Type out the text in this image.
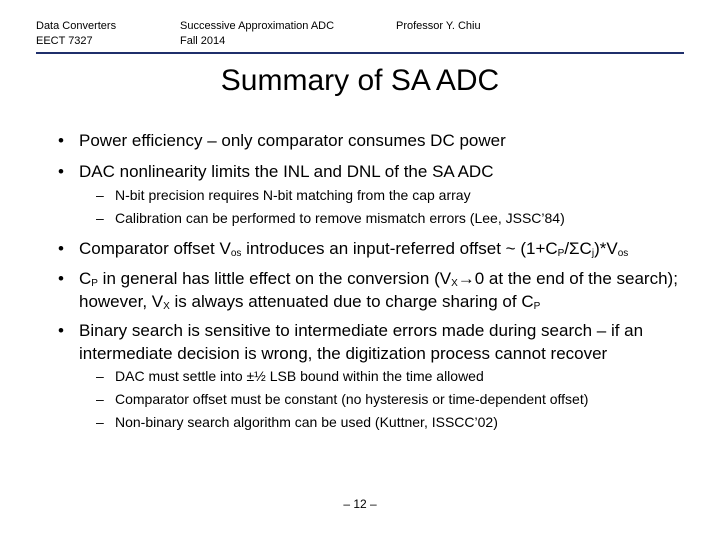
Data Converters
EECT 7327
Successive Approximation ADC
Fall 2014
Professor Y. Chiu
Summary of SA ADC
• Power efficiency – only comparator consumes DC power
• DAC nonlinearity limits the INL and DNL of the SA ADC
– N-bit precision requires N-bit matching from the cap array
– Calibration can be performed to remove mismatch errors (Lee, JSSC’84)
• Comparator offset $V_{os}$ introduces an input-referred offset ~ $(1+C_P/\Sigma C_j)*V_{os}$
• $C_P$ in general has little effect on the conversion ($V_X\to 0$ at the end of the search); however, $V_X$ is always attenuated due to charge sharing of $C_P$
• Binary search is sensitive to intermediate errors made during search – if an intermediate decision is wrong, the digitization process cannot recover
– DAC must settle into ±½ LSB bound within the time allowed
– Comparator offset must be constant (no hysteresis or time-dependent offset)
– Non-binary search algorithm can be used (Kuttner, ISSCC’02)
– 12 –
